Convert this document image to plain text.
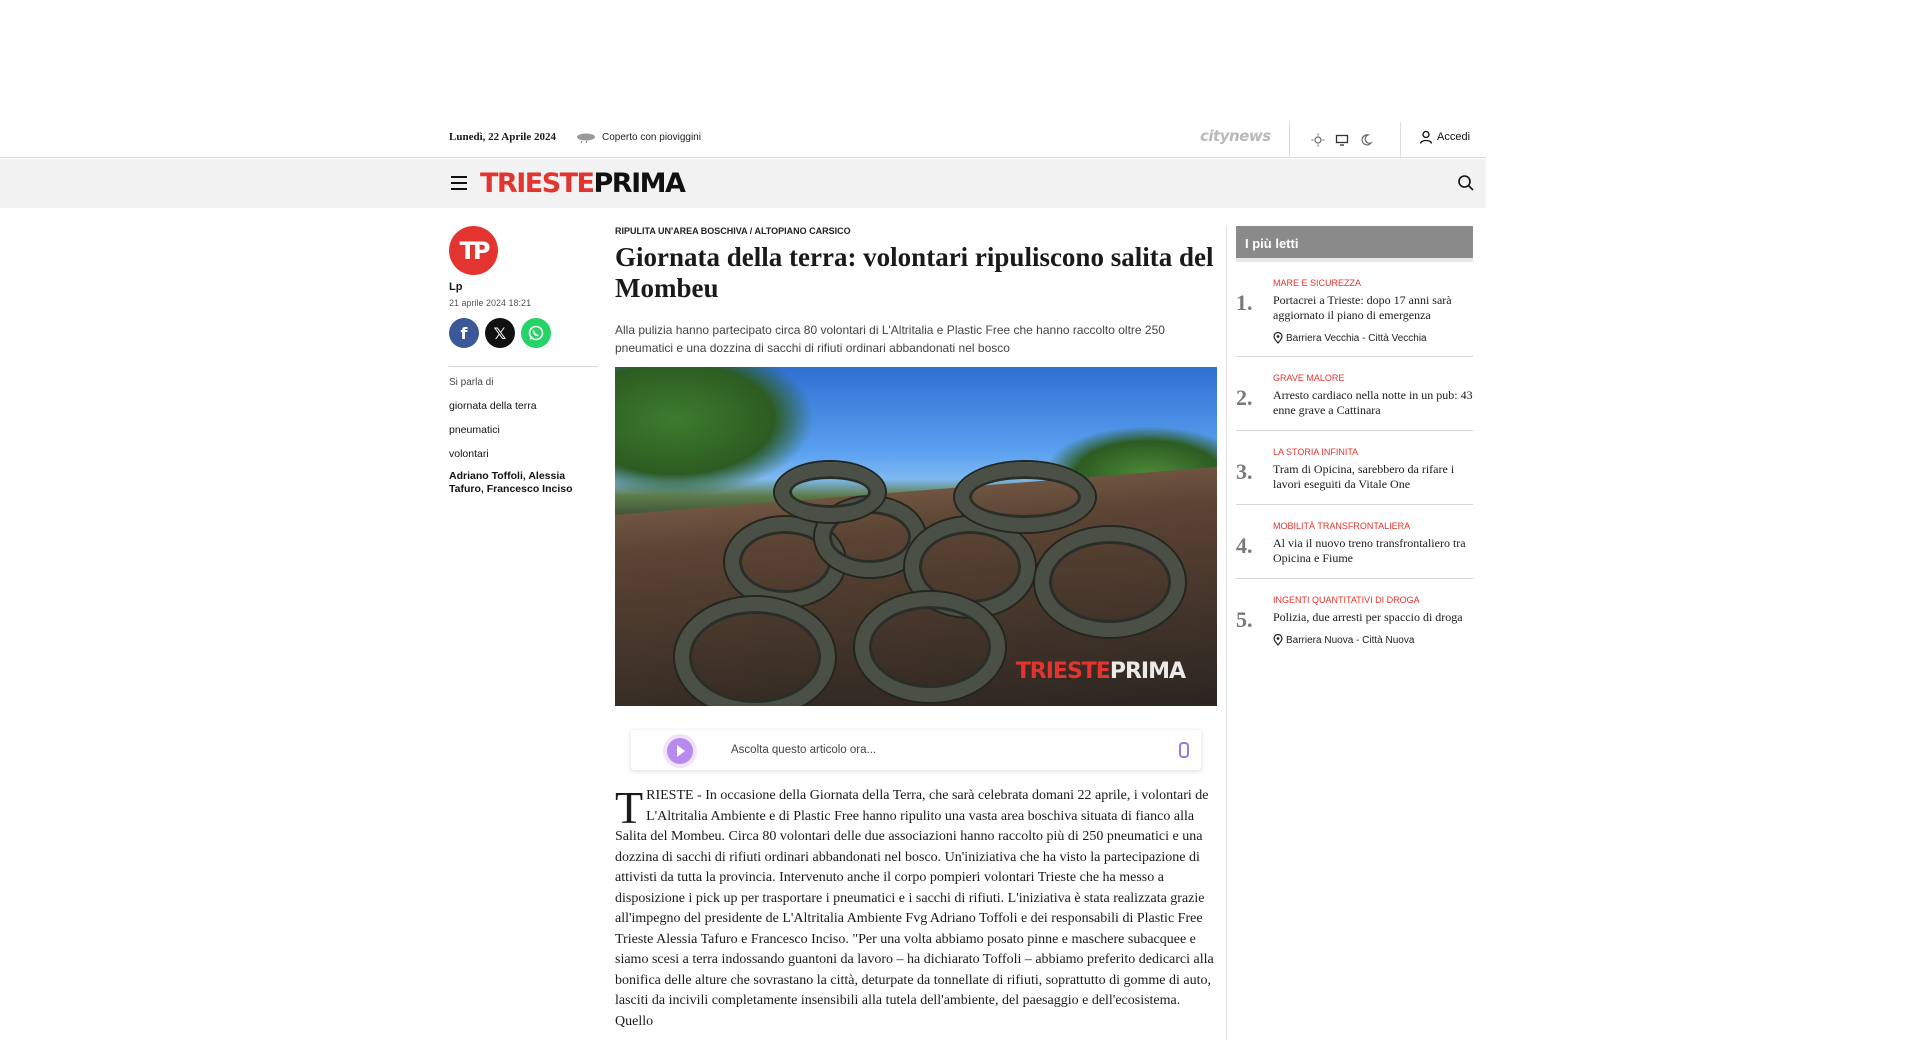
Lunedì, 22 Aprile 2024	Coperto con pioviggini	citynews	Accedi
TRIESTEPRIMA
TP
Lp
21 aprile 2024 18:21
f 𝕏
Si parla di
giornata della terra
pneumatici
volontari
Adriano Toffoli, Alessia Tafuro, Francesco Inciso
RIPULITA UN'AREA BOSCHIVA / ALTOPIANO CARSICO
Giornata della terra: volontari ripuliscono salita del Mombeu

Alla pulizia hanno partecipato circa 80 volontari di L'Altritalia e Plastic Free che hanno raccolto oltre 250 pneumatici e una dozzina di sacchi di rifiuti ordinari abbandonati nel bosco

TRIESTEPRIMA
Ascolta questo articolo ora...
TRIESTE - In occasione della Giornata della Terra, che sarà celebrata domani 22 aprile, i volontari de L'Altritalia Ambiente e di Plastic Free hanno ripulito una vasta area boschiva situata di fianco alla Salita del Mombeu. Circa 80 volontari delle due associazioni hanno raccolto più di 250 pneumatici e una dozzina di sacchi di rifiuti ordinari abbandonati nel bosco. Un'iniziativa che ha visto la partecipazione di attivisti da tutta la provincia. Intervenuto anche il corpo pompieri volontari Trieste che ha messo a disposizione i pick up per trasportare i pneumatici e i sacchi di rifiuti. L'iniziativa è stata realizzata grazie all'impegno del presidente de L'Altritalia Ambiente Fvg Adriano Toffoli e dei responsabili di Plastic Free Trieste Alessia Tafuro e Francesco Inciso. "Per una volta abbiamo posato pinne e maschere subacquee e siamo scesi a terra indossando guantoni da lavoro – ha dichiarato Toffoli – abbiamo preferito dedicarci alla bonifica delle alture che sovrastano la città, deturpate da tonnellate di rifiuti, soprattutto di gomme di auto, lasciti da incivili completamente insensibili alla tutela dell'ambiente, del paesaggio e dell'ecosistema. Quello
I più letti
1.
MARE E SICUREZZA
Portacrei a Trieste: dopo 17 anni sarà aggiornato il piano di emergenza
Barriera Vecchia - Città Vecchia
2.
GRAVE MALORE
Arresto cardiaco nella notte in un pub: 43 enne grave a Cattinara
3.
LA STORIA INFINITA
Tram di Opicina, sarebbero da rifare i lavori eseguiti da Vitale One
4.
MOBILITÀ TRANSFRONTALIERA
Al via il nuovo treno transfrontaliero tra Opicina e Fiume
5.
INGENTI QUANTITATIVI DI DROGA
Polizia, due arresti per spaccio di droga
Barriera Nuova - Città Nuova
